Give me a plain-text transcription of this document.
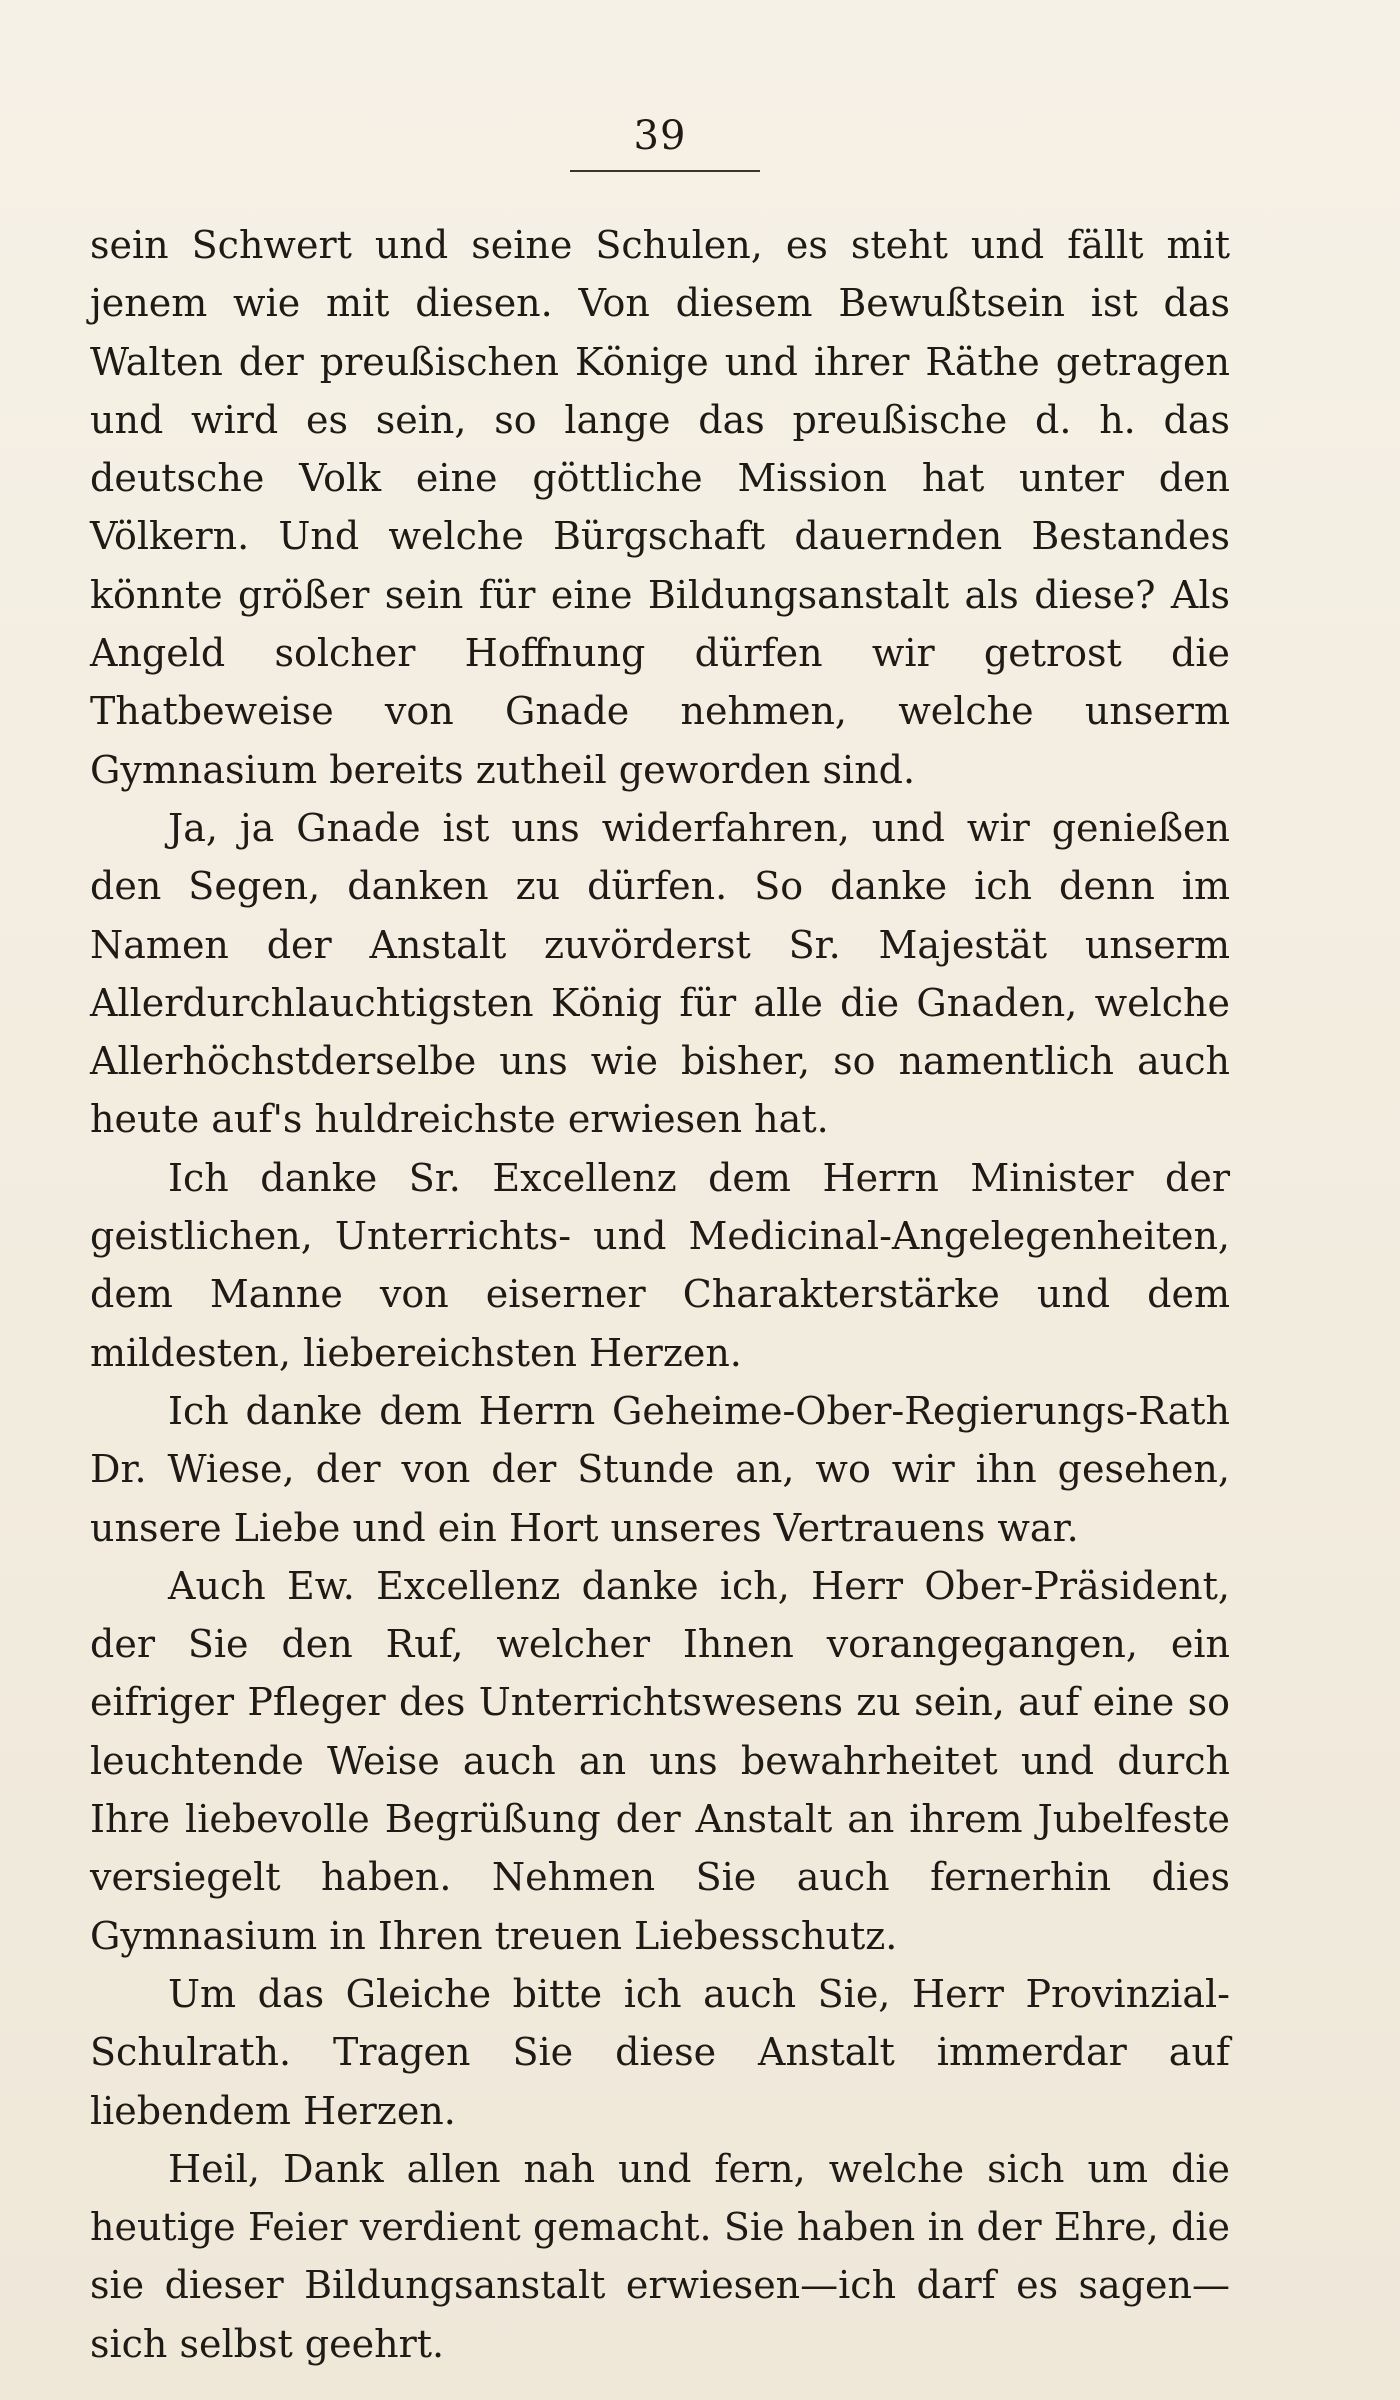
39

sein Schwert und seine Schulen, es steht und fällt mit jenem wie mit diesen. Von diesem Bewußtsein ist das Walten der preußischen Könige und ihrer Räthe getragen und wird es sein, so lange das preußische d. h. das deutsche Volk eine göttliche Mission hat unter den Völkern. Und welche Bürgschaft dauernden Bestandes könnte größer sein für eine Bildungsanstalt als diese? Als Angeld solcher Hoffnung dürfen wir getrost die Thatbeweise von Gnade nehmen, welche unserm Gymnasium bereits zutheil geworden sind.

Ja, ja Gnade ist uns widerfahren, und wir genießen den Segen, danken zu dürfen. So danke ich denn im Namen der Anstalt zuvörderst Sr. Majestät unserm Allerdurchlauchtigsten König für alle die Gnaden, welche Allerhöchstderselbe uns wie bisher, so namentlich auch heute auf's huldreichste erwiesen hat.

Ich danke Sr. Excellenz dem Herrn Minister der geistlichen, Unterrichts- und Medicinal-Angelegenheiten, dem Manne von eiserner Charakterstärke und dem mildesten, liebereichsten Herzen.

Ich danke dem Herrn Geheime-Ober-Regierungs-Rath Dr. Wiese, der von der Stunde an, wo wir ihn gesehen, unsere Liebe und ein Hort unseres Vertrauens war.

Auch Ew. Excellenz danke ich, Herr Ober-Präsident, der Sie den Ruf, welcher Ihnen vorangegangen, ein eifriger Pfleger des Unterrichtswesens zu sein, auf eine so leuchtende Weise auch an uns bewahrheitet und durch Ihre liebevolle Begrüßung der Anstalt an ihrem Jubelfeste versiegelt haben. Nehmen Sie auch fernerhin dies Gymnasium in Ihren treuen Liebesschutz.

Um das Gleiche bitte ich auch Sie, Herr Provinzial-Schulrath. Tragen Sie diese Anstalt immerdar auf liebendem Herzen.

Heil, Dank allen nah und fern, welche sich um die heutige Feier verdient gemacht. Sie haben in der Ehre, die sie dieser Bildungsanstalt erwiesen—ich darf es sagen—sich selbst geehrt.
